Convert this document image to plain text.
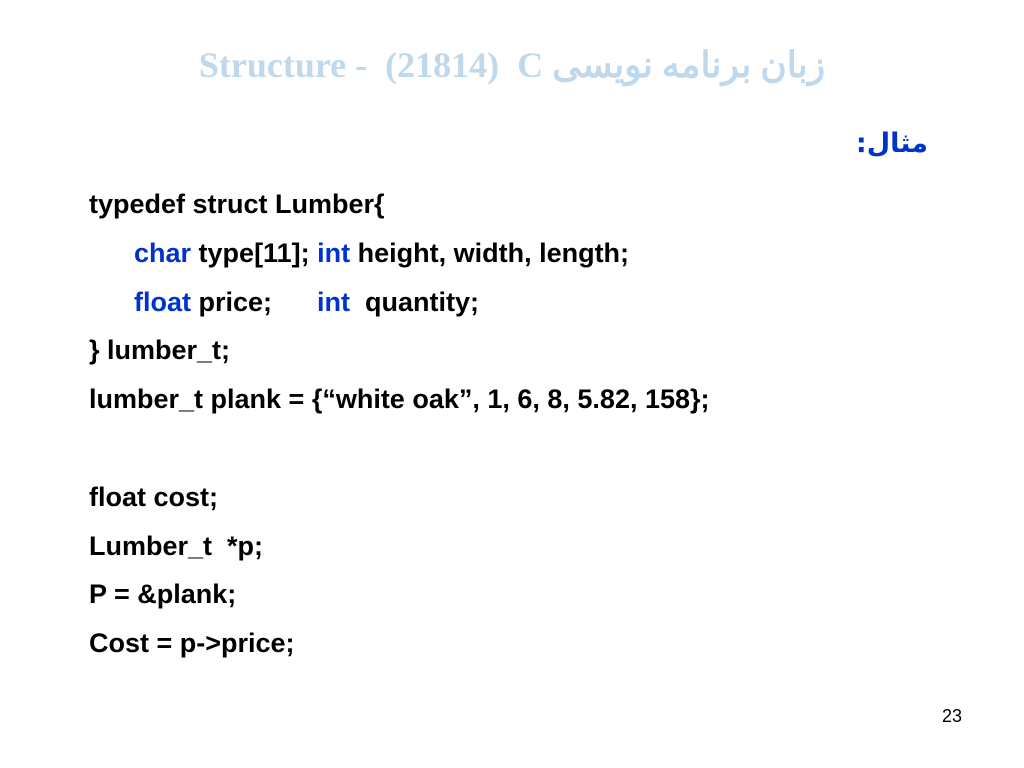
Structure -  (21814)  C زبان برنامه نویسی
مثال:
typedef struct Lumber{
char type[11]; int height, width, length;
float price;      int  quantity;
} lumber_t;
lumber_t plank = {“white oak”, 1, 6, 8, 5.82, 158};
float cost;
Lumber_t  *p;
P = &plank;
Cost = p->price;
23
